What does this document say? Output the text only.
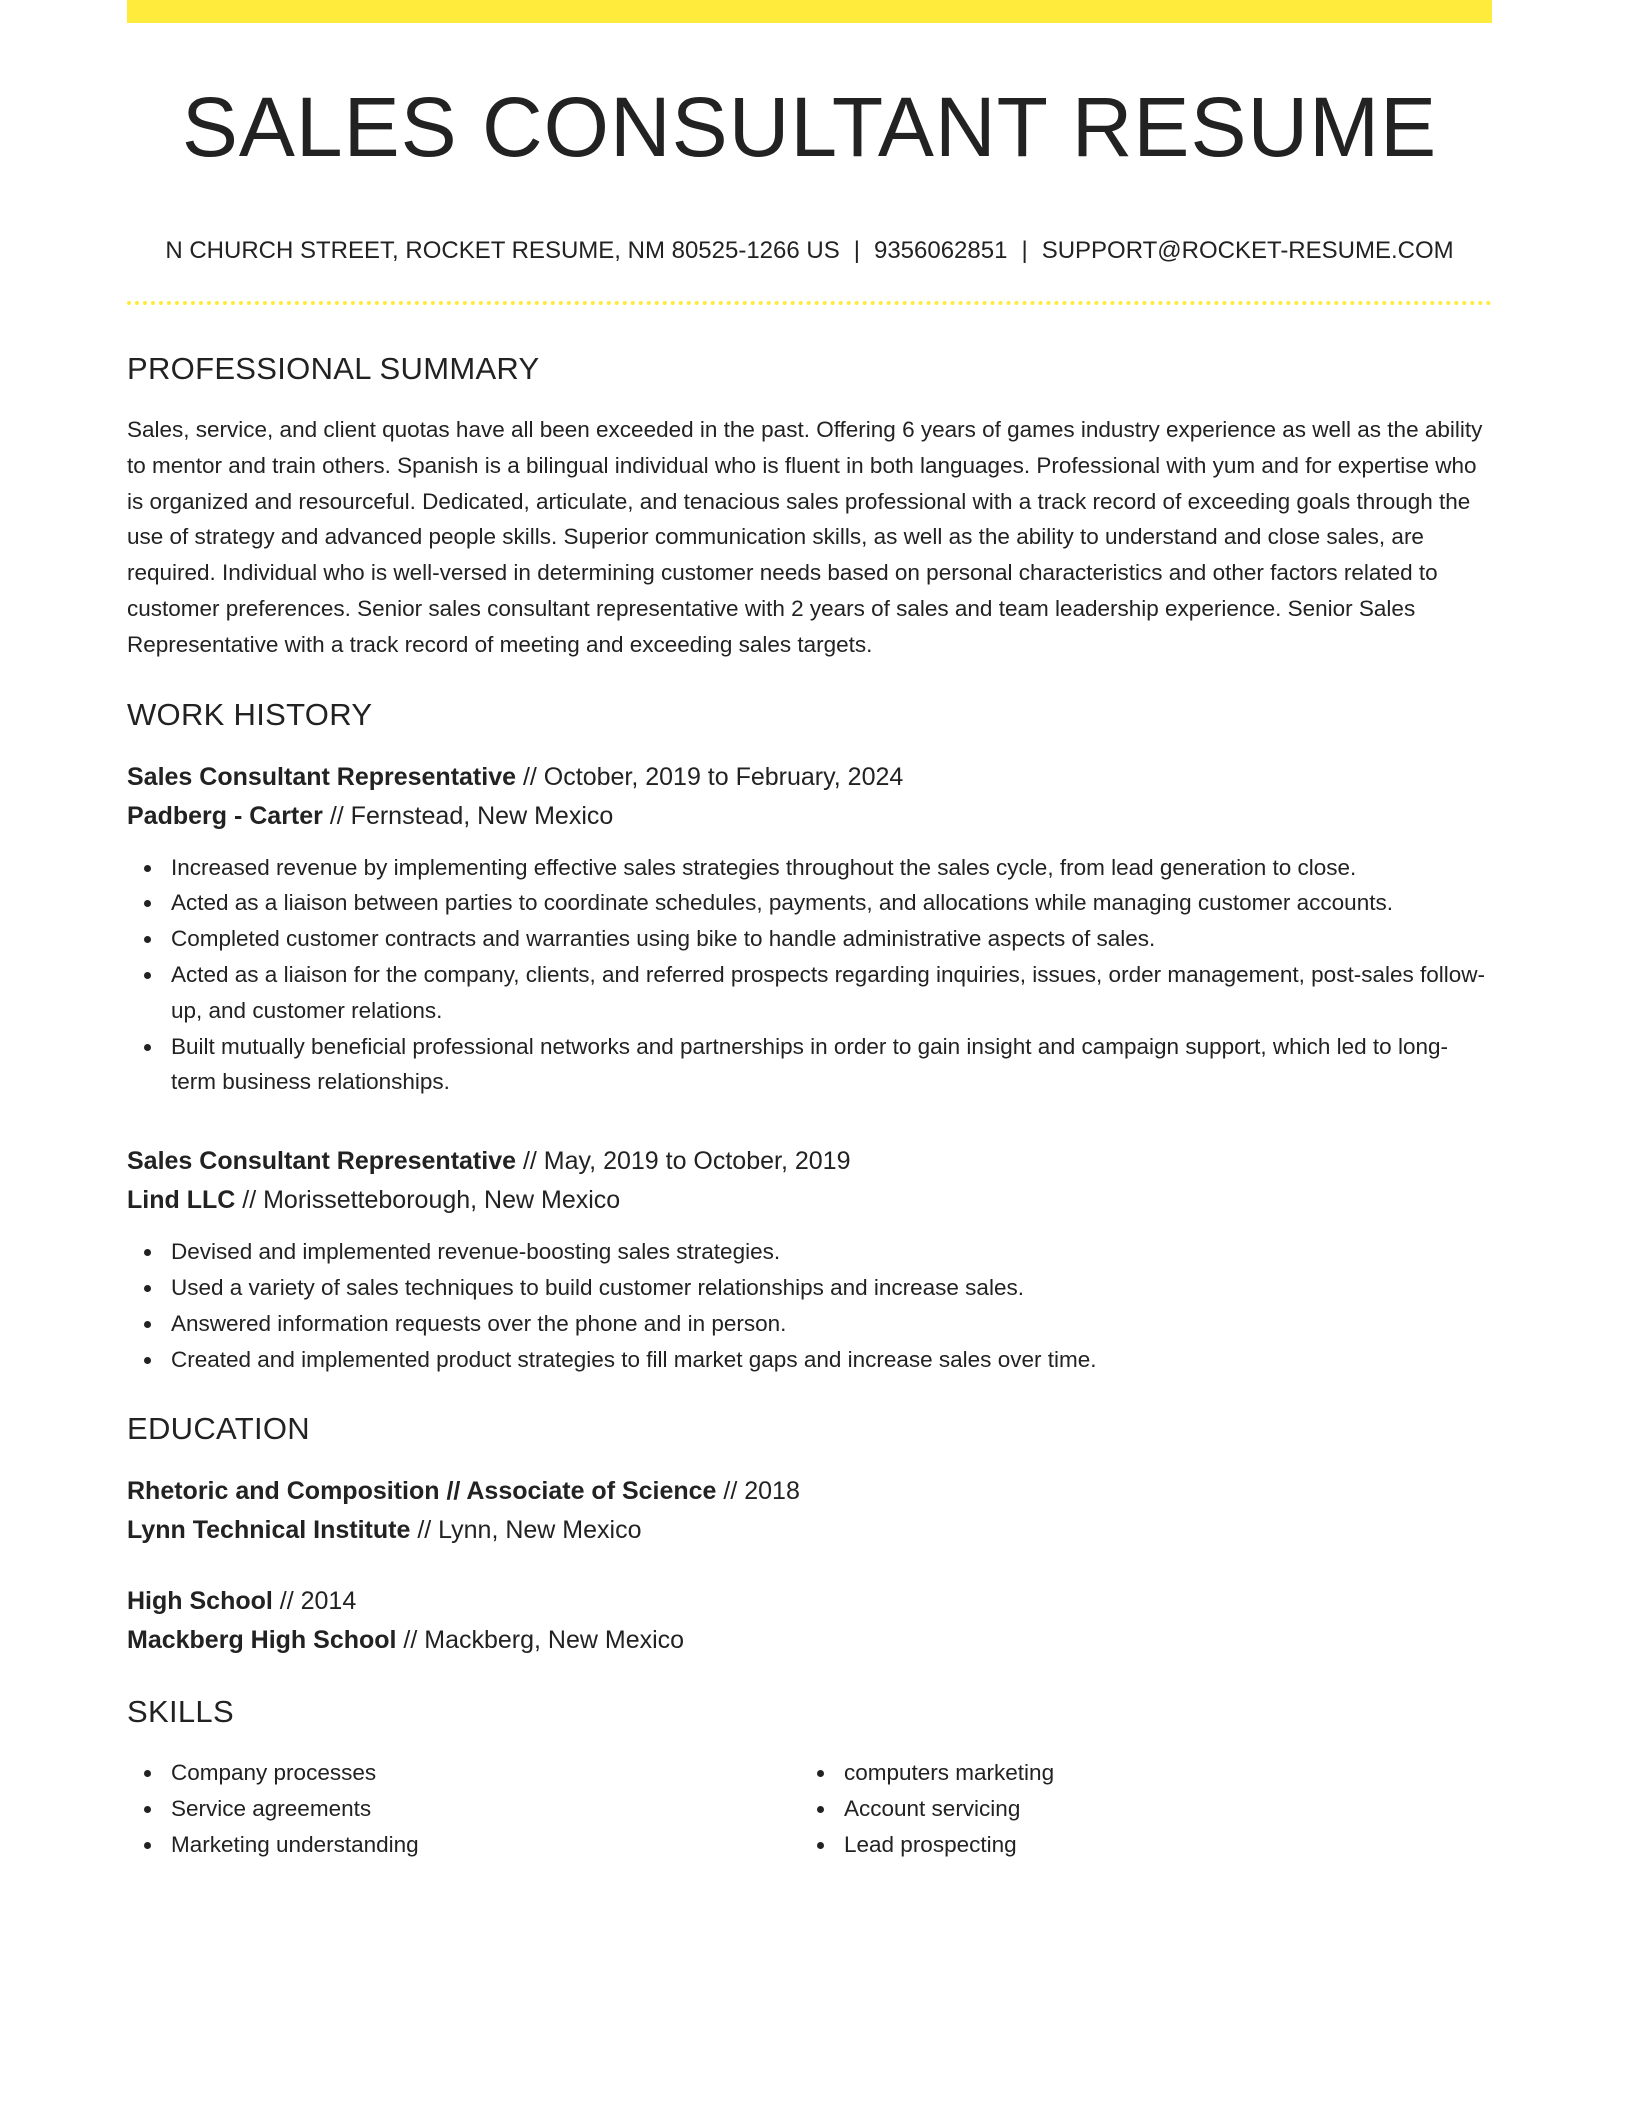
SALES CONSULTANT RESUME
N CHURCH STREET, ROCKET RESUME, NM 80525-1266 US | 9356062851 | SUPPORT@ROCKET-RESUME.COM
PROFESSIONAL SUMMARY

Sales, service, and client quotas have all been exceeded in the past. Offering 6 years of games industry experience as well as the ability to mentor and train others. Spanish is a bilingual individual who is fluent in both languages. Professional with yum and for expertise who is organized and resourceful. Dedicated, articulate, and tenacious sales professional with a track record of exceeding goals through the use of strategy and advanced people skills. Superior communication skills, as well as the ability to understand and close sales, are required. Individual who is well-versed in determining customer needs based on personal characteristics and other factors related to customer preferences. Senior sales consultant representative with 2 years of sales and team leadership experience. Senior Sales Representative with a track record of meeting and exceeding sales targets.

WORK HISTORY
Sales Consultant Representative // October, 2019 to February, 2024
Padberg - Carter // Fernstead, New Mexico
Increased revenue by implementing effective sales strategies throughout the sales cycle, from lead generation to close.
Acted as a liaison between parties to coordinate schedules, payments, and allocations while managing customer accounts.
Completed customer contracts and warranties using bike to handle administrative aspects of sales.
Acted as a liaison for the company, clients, and referred prospects regarding inquiries, issues, order management, post-sales follow-up, and customer relations.
Built mutually beneficial professional networks and partnerships in order to gain insight and campaign support, which led to long-term business relationships.
Sales Consultant Representative // May, 2019 to October, 2019
Lind LLC // Morissetteborough, New Mexico
Devised and implemented revenue-boosting sales strategies.
Used a variety of sales techniques to build customer relationships and increase sales.
Answered information requests over the phone and in person.
Created and implemented product strategies to fill market gaps and increase sales over time.
EDUCATION
Rhetoric and Composition // Associate of Science // 2018
Lynn Technical Institute // Lynn, New Mexico
High School // 2014
Mackberg High School // Mackberg, New Mexico
SKILLS
Company processes
Service agreements
Marketing understanding
computers marketing
Account servicing
Lead prospecting
